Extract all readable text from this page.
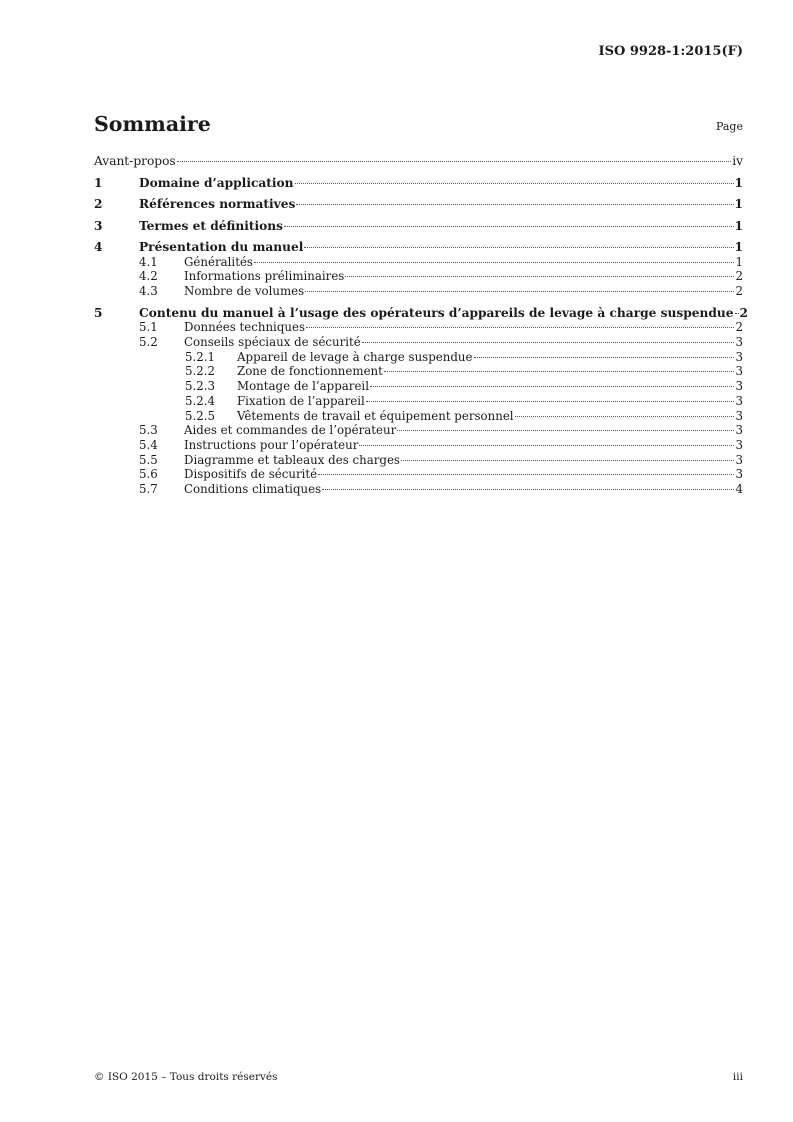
ISO 9928-1:2015(F)
Sommaire	Page
Avant-propos	iv
1	Domaine d’application	1
2	Références normatives	1
3	Termes et définitions	1
4	Présentation du manuel	1
4.1	Généralités	1
4.2	Informations préliminaires	2
4.3	Nombre de volumes	2
5	Contenu du manuel à l’usage des opérateurs d’appareils de levage à charge suspendue 2
5.1	Données techniques	2
5.2	Conseils spéciaux de sécurité	3
5.2.1	Appareil de levage à charge suspendue	3
5.2.2	Zone de fonctionnement	3
5.2.3	Montage de l’appareil	3
5.2.4	Fixation de l’appareil	3
5.2.5	Vêtements de travail et équipement personnel	3
5.3	Aides et commandes de l’opérateur	3
5.4	Instructions pour l’opérateur	3
5.5	Diagramme et tableaux des charges	3
5.6	Dispositifs de sécurité	3
5.7	Conditions climatiques	4
© ISO 2015 – Tous droits réservés	iii
